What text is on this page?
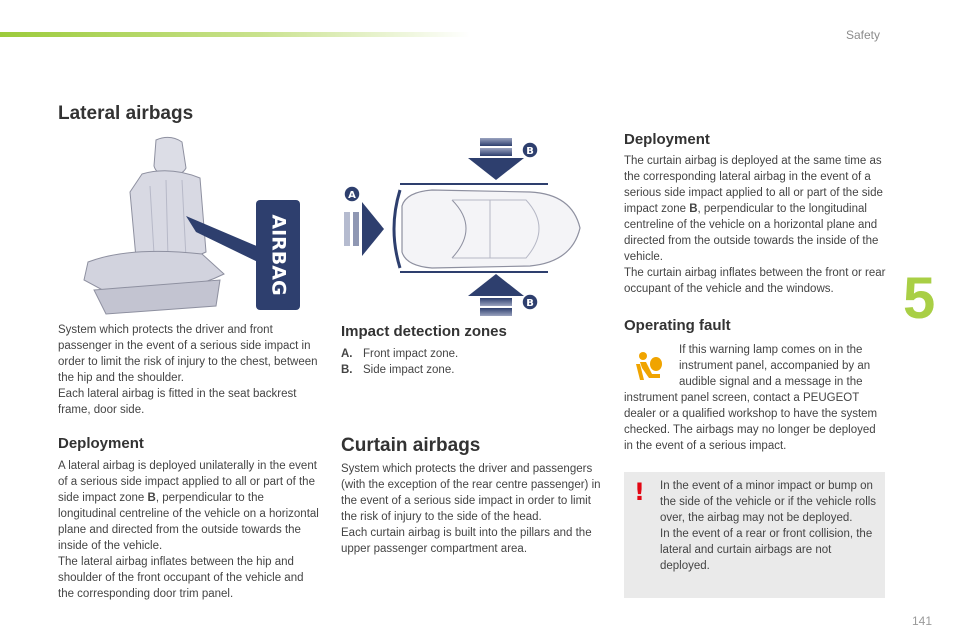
Safety
5
141
Lateral airbags
AIRBAG

System which protects the driver and front passenger in the event of a serious side impact in order to limit the risk of injury to the chest, between the hip and the shoulder.

Each lateral airbag is fitted in the seat backrest frame, door side.

Deployment

A lateral airbag is deployed unilaterally in the event of a serious side impact applied to all or part of the side impact zone B, perpendicular to the longitudinal centreline of the vehicle on a horizontal plane and directed from the outside towards the inside of the vehicle.

The lateral airbag inflates between the hip and shoulder of the front occupant of the vehicle and the corresponding door trim panel.

B
B
A
Impact detection zones
A. Front impact zone.
B. Side impact zone.
Curtain airbags

System which protects the driver and passengers (with the exception of the rear centre passenger) in the event of a serious side impact in order to limit the risk of injury to the side of the head.

Each curtain airbag is built into the pillars and the upper passenger compartment area.

Deployment

The curtain airbag is deployed at the same time as the corresponding lateral airbag in the event of a serious side impact applied to all or part of the side impact zone B, perpendicular to the longitudinal centreline of the vehicle on a horizontal plane and directed from the outside towards the inside of the vehicle.

The curtain airbag inflates between the front or rear occupant of the vehicle and the windows.

Operating fault
If this warning lamp comes on in the instrument panel, accompanied by an audible signal and a message in the
instrument panel screen, contact a PEUGEOT dealer or a qualified workshop to have the system checked. The airbags may no longer be deployed in the event of a serious impact.
! In the event of a minor impact or bump on the side of the vehicle or if the vehicle rolls over, the airbag may not be deployed.

In the event of a rear or front collision, the lateral and curtain airbags are not deployed.
